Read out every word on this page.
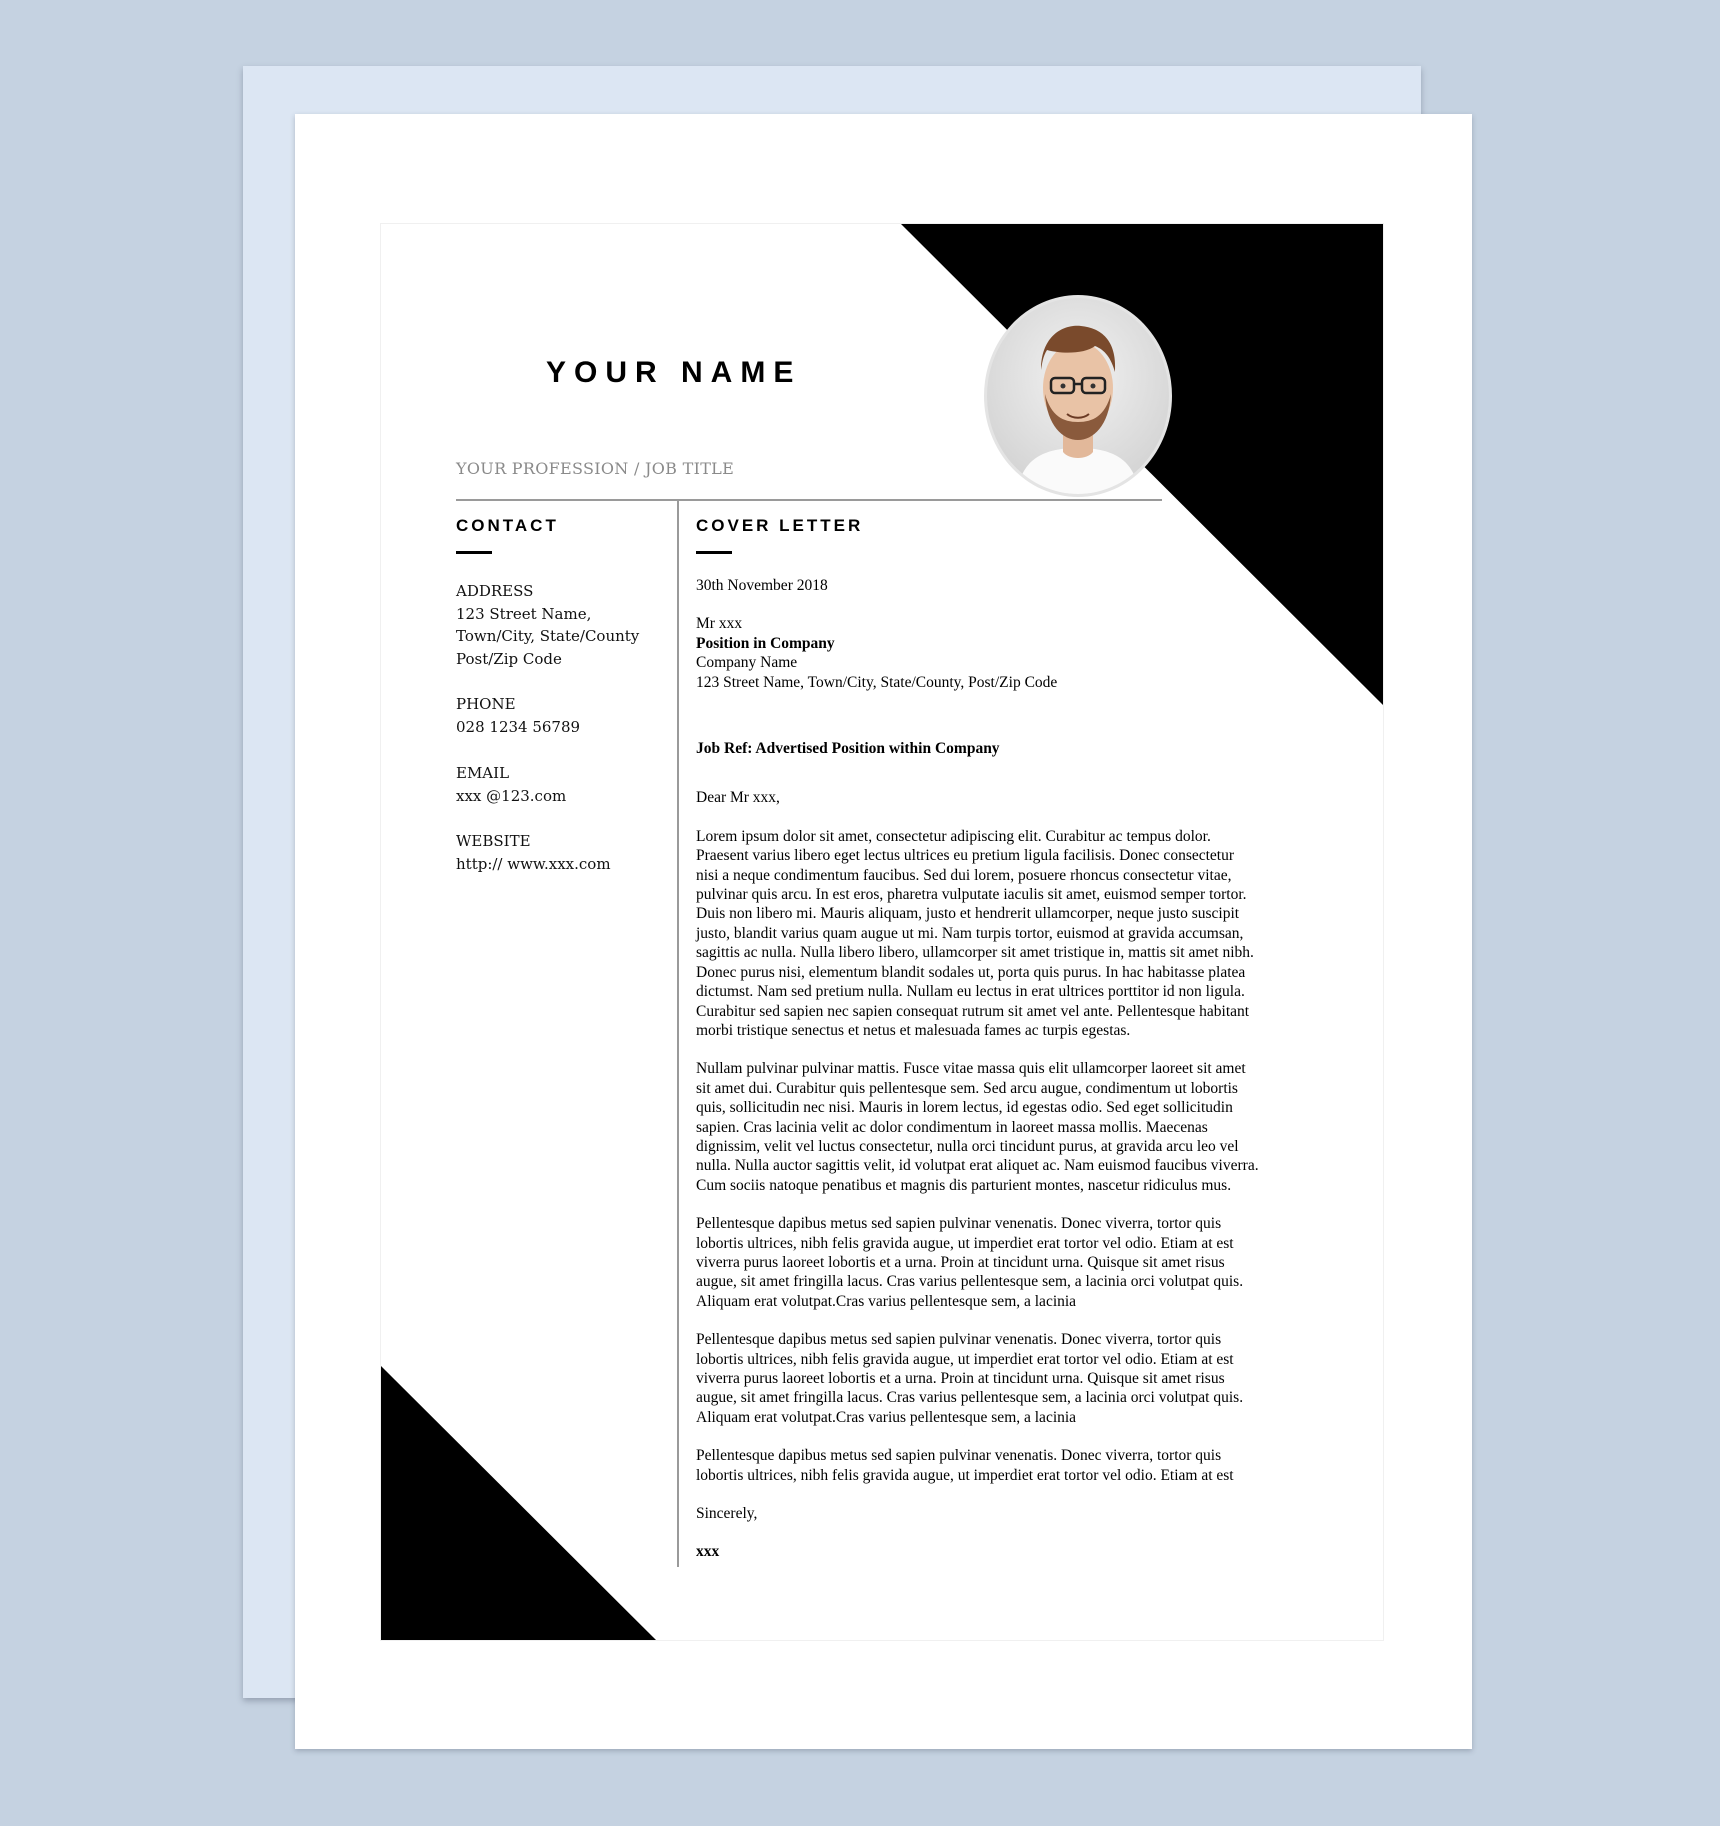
YOUR NAME
YOUR PROFESSION / JOB TITLE
CONTACT
ADDRESS
123 Street Name,
Town/City, State/County
Post/Zip Code
PHONE
028 1234 56789
EMAIL
xxx @123.com
WEBSITE
http:// www.xxx.com
COVER LETTER

30th November 2018

Mr xxx
Position in Company
Company Name
123 Street Name, Town/City, State/County, Post/Zip Code

Job Ref: Advertised Position within Company

Dear Mr xxx,

Lorem ipsum dolor sit amet, consectetur adipiscing elit. Curabitur ac tempus dolor.
Praesent varius libero eget lectus ultrices eu pretium ligula facilisis. Donec consectetur
nisi a neque condimentum faucibus. Sed dui lorem, posuere rhoncus consectetur vitae,
pulvinar quis arcu. In est eros, pharetra vulputate iaculis sit amet, euismod semper tortor.
Duis non libero mi. Mauris aliquam, justo et hendrerit ullamcorper, neque justo suscipit
justo, blandit varius quam augue ut mi. Nam turpis tortor, euismod at gravida accumsan,
sagittis ac nulla. Nulla libero libero, ullamcorper sit amet tristique in, mattis sit amet nibh.
Donec purus nisi, elementum blandit sodales ut, porta quis purus. In hac habitasse platea
dictumst. Nam sed pretium nulla. Nullam eu lectus in erat ultrices porttitor id non ligula.
Curabitur sed sapien nec sapien consequat rutrum sit amet vel ante. Pellentesque habitant
morbi tristique senectus et netus et malesuada fames ac turpis egestas.

Nullam pulvinar pulvinar mattis. Fusce vitae massa quis elit ullamcorper laoreet sit amet
sit amet dui. Curabitur quis pellentesque sem. Sed arcu augue, condimentum ut lobortis
quis, sollicitudin nec nisi. Mauris in lorem lectus, id egestas odio. Sed eget sollicitudin
sapien. Cras lacinia velit ac dolor condimentum in laoreet massa mollis. Maecenas
dignissim, velit vel luctus consectetur, nulla orci tincidunt purus, at gravida arcu leo vel
nulla. Nulla auctor sagittis velit, id volutpat erat aliquet ac. Nam euismod faucibus viverra.
Cum sociis natoque penatibus et magnis dis parturient montes, nascetur ridiculus mus.

Pellentesque dapibus metus sed sapien pulvinar venenatis. Donec viverra, tortor quis
lobortis ultrices, nibh felis gravida augue, ut imperdiet erat tortor vel odio. Etiam at est
viverra purus laoreet lobortis et a urna. Proin at tincidunt urna. Quisque sit amet risus
augue, sit amet fringilla lacus. Cras varius pellentesque sem, a lacinia orci volutpat quis.
Aliquam erat volutpat.Cras varius pellentesque sem, a lacinia

Pellentesque dapibus metus sed sapien pulvinar venenatis. Donec viverra, tortor quis
lobortis ultrices, nibh felis gravida augue, ut imperdiet erat tortor vel odio. Etiam at est
viverra purus laoreet lobortis et a urna. Proin at tincidunt urna. Quisque sit amet risus
augue, sit amet fringilla lacus. Cras varius pellentesque sem, a lacinia orci volutpat quis.
Aliquam erat volutpat.Cras varius pellentesque sem, a lacinia

Pellentesque dapibus metus sed sapien pulvinar venenatis. Donec viverra, tortor quis
lobortis ultrices, nibh felis gravida augue, ut imperdiet erat tortor vel odio. Etiam at est

Sincerely,

xxx
